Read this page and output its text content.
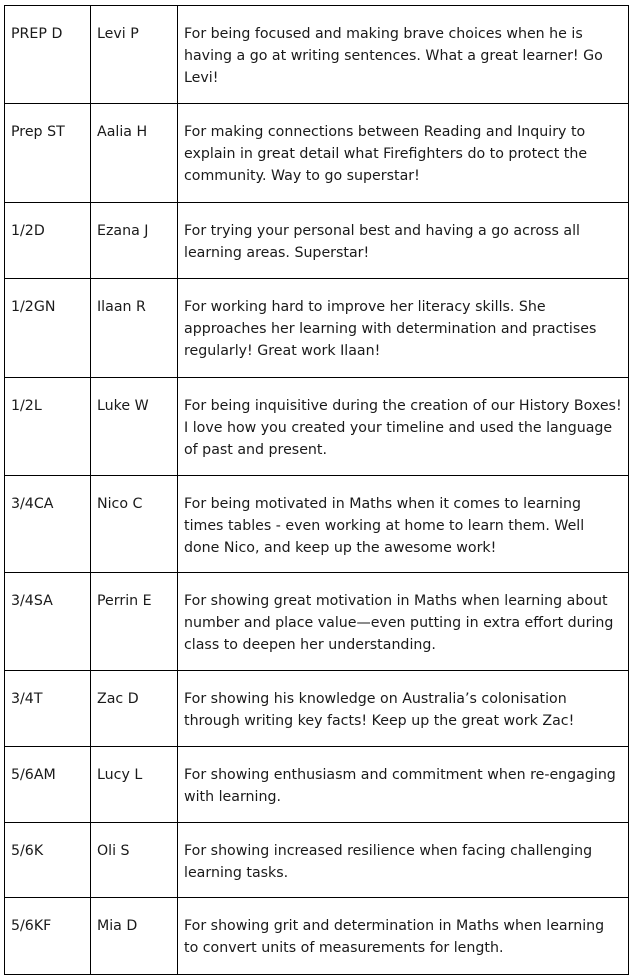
PREP D	Levi P	For being focused and making brave choices when he is having a go at writing sentences. What a great learner! Go Levi!
Prep ST	Aalia H	For making connections between Reading and Inquiry to explain in great detail what Firefighters do to protect the community. Way to go superstar!
1/2D	Ezana J	For trying your personal best and having a go across all learning areas. Superstar!
1/2GN	Ilaan R	For working hard to improve her literacy skills. She approaches her learning with determination and practises regularly! Great work Ilaan!
1/2L	Luke W	For being inquisitive during the creation of our History Boxes! I love how you created your timeline and used the language of past and present.
3/4CA	Nico C	For being motivated in Maths when it comes to learning times tables - even working at home to learn them. Well done Nico, and keep up the awesome work!
3/4SA	Perrin E	For showing great motivation in Maths when learning about number and place value—even putting in extra effort during class to deepen her understanding.
3/4T	Zac D	For showing his knowledge on Australia’s colonisation through writing key facts! Keep up the great work Zac!
5/6AM	Lucy L	For showing enthusiasm and commitment when re-engaging with learning.
5/6K	Oli S	For showing increased resilience when facing challenging learning tasks.
5/6KF	Mia D	For showing grit and determination in Maths when learning to convert units of measurements for length.
